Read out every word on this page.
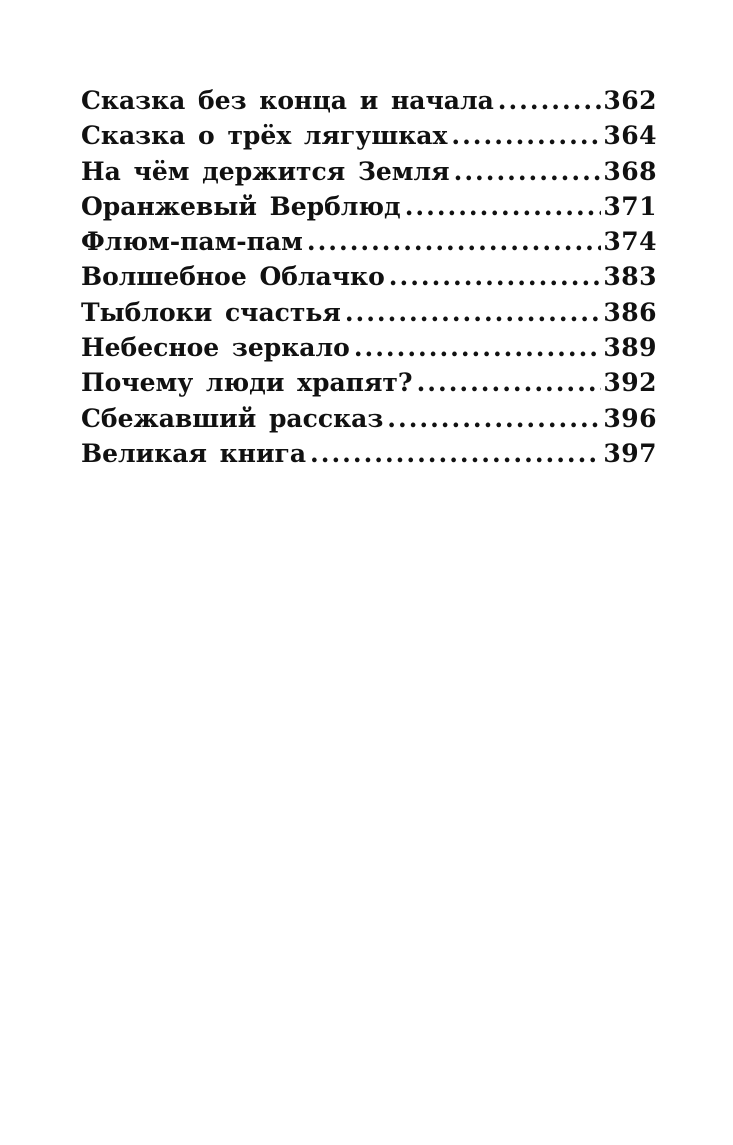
Сказка без конца и начала .....	362
Сказка о трёх лягушках .....	364
На чём держится Земля .....	368
Оранжевый Верблюд .....	371
Флюм-пам-пам .....	374
Волшебное Облачко .....	383
Тыблоки счастья .....	386
Небесное зеркало .....	389
Почему люди храпят? .....	392
Сбежавший рассказ .....	396
Великая книга .....	397
